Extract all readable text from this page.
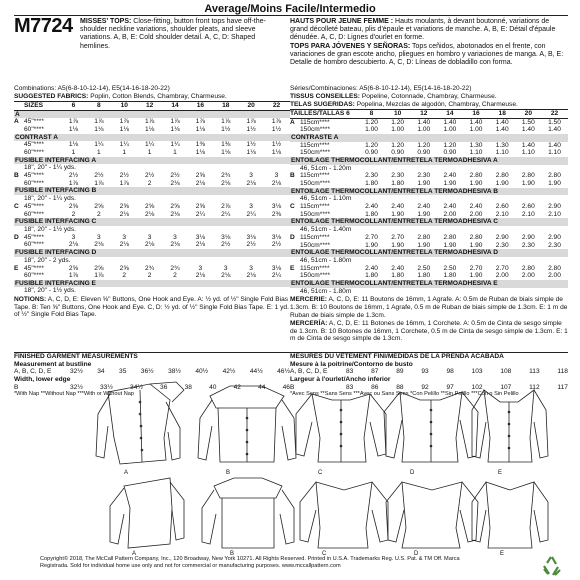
Average/Moins Facile/Intermedio
M7724 MISSES' TOPS: Close-fitting, button front tops have off-the-shoulder neckline variations, shoulder pleats, and sleeve variations. A, B, E: Cold shoulder detail. A, C, D: Shaped hemlines.
HAUTS POUR JEUNE FEMME : Hauts moulants, à devant boutonné, variations de grand décolleté bateau, plis d'épaule et variations de manche. A, B, E: Détail d'épaule dénudée. A, C, D: Lignes d'ourlet en forme.
TOPS PARA JÓVENES Y SEÑORAS: Tops ceñidos, abotonados en el frente, con variaciones de gran escote ancho, pliegues en hombro y variaciones de manga. A, B, E: Detalle de hombro descubierto. A, C, D: Líneas de dobladillo con forma.
Combinations: A5(6-8-10-12-14), E5(14-16-18-20-22)
SUGGESTED FABRICS: Poplin, Cotton Blends, Chambray, Charmeuse.
SIZES	6	8	10	12	14	16	18	20	22
A
A 45"****	1⅞	1⅞	1⅞	1⅞	1⅞	1⅞	1⅞	1⅞	1⅞
60"****	1⅛	1⅛	1⅛	1⅛	1⅛	1⅛	1½	1½	1½
CONTRAST A
45"****	1⅛	1¼	1¼	1¼	1¼	1⅜	1⅜	1½	1½
60"****	1	1	1	1	1	1⅛	1⅛	1⅛	1⅛
FUSIBLE INTERFACING A
18", 20" - 1¼ yds.
B 45"****	2½	2½	2½	2½	2½	2⅝	2¾	3	3
60"****	1⅞	1⅞	1⅞	2	2⅛	2⅛	2⅛	2⅛	2⅛
FUSIBLE INTERFACING B
18", 20" - 1¼ yds.
C 45"****	2⅝	2⅝	2⅝	2⅝	2⅝	2⅝	2⅞	3	3⅛
60"****	2	2	2⅛	2⅛	2⅛	2¼	2¼	2¼	2⅜
FUSIBLE INTERFACING C
18", 20" - 1½ yds.
D 45"****	3	3	3	3	3	3⅛	3⅛	3⅛	3⅛
60"****	2⅛	2⅛	2⅛	2⅛	2⅛	2⅛	2½	2½	2½
FUSIBLE INTERFACING D
18", 20" - 2 yds.
E 45"****	2⅝	2⅝	2⅝	2¾	2¾	3	3	3	3⅛
60"****	1⅞	1⅞	2	2	2	2⅛	2⅛	2⅛	2¼
FUSIBLE INTERFACING E
18", 20" - 1½ yds.
NOTIONS: A, C, D, E: Eleven ⅝" Buttons, One Hook and Eye. A: ½ yd. of ½" Single Fold Bias Tape. B: Ten ⅝" Buttons, One Hook and Eye. C, D: ½ yd. of ½" Single Fold Bias Tape. E: 1 yd. of ½" Single Fold Bias Tape.
Séries/Combinaciones: A5(6-8-10-12-14), E5(14-16-18-20-22)
TISSUS CONSEILLÉS: Popeline, Cotonnade, Chambray, Charmeuse.
TELAS SUGERIDAS: Popelina, Mezclas de algodón, Chambray, Charmeuse.
TAILLES/TALLAS 6	8	10	12	14	16	18	20	22
A 115cm****	1.20	1.20	1.40	1.40	1.40	1.40	1.50	1.50
150cm****	1.00	1.00	1.00	1.00	1.00	1.40	1.40	1.40
CONTRASTE A
115cm****	1.20	1.20	1.20	1.20	1.30	1.30	1.40	1.40
150cm****	0.90	0.90	0.90	0.90	1.10	1.10	1.10	1.10
ENTOILAGE THERMOCOLLANT/ENTRETELA TERMOADHESIVA A
46, 51cm - 1.20m
B 115cm****	2.30	2.30	2.30	2.40	2.80	2.80	2.80	2.80
150cm****	1.80	1.80	1.90	1.90	1.90	1.90	1.90	1.90
ENTOILAGE THERMOCOLLANT/ENTRETELA TERMOADHESIVA B
46, 51cm - 1.10m
C 115cm****	2.40	2.40	2.40	2.40	2.40	2.60	2.60	2.90
150cm****	1.80	1.90	1.90	2.00	2.00	2.10	2.10	2.10
ENTOILAGE THERMOCOLLANT/ENTRETELA TERMOADHESIVA C
46, 51cm - 1.40m
D 115cm****	2.70	2.70	2.80	2.80	2.80	2.90	2.90	2.90
150cm****	1.90	1.90	1.90	1.90	1.90	2.30	2.30	2.30
ENTOILAGE THERMOCOLLANT/ENTRETELA TERMOADHESIVA D
46, 51cm - 1.80m
E 115cm****	2.40	2.40	2.50	2.50	2.70	2.70	2.80	2.80
150cm****	1.80	1.80	1.80	1.80	1.90	2.00	2.00	2.00
ENTOILAGE THERMOCOLLANT/ENTRETELA TERMOADHESIVA E
46, 51cm - 1.80m
MERCERIE: A, C, D, E: 11 Boutons de 16mm, 1 Agrafe. A: 0.5m de Ruban de biais simple de 1.3cm. B: 10 Boutons de 16mm, 1 Agrafe, 0.5 m de Ruban de biais simple de 1.3cm. E: 1 m de Ruban de biais simple de 1.3cm.
MERCERÍA: A, C, D, E: 11 Botones de 16mm, 1 Corchete. A: 0.5m de Cinta de sesgo simple de 1.3cm. B: 10 Botones de 16mm, 1 Corchete, 0.5 m de Cinta de sesgo simple de 1.3cm. E: 1 m de Cinta de sesgo simple de 1.3cm.
FINISHED GARMENT MEASUREMENTS
Measurement at bustline
A, B, C, D, E	32½ 34 35 36½ 38½ 40½ 42½ 44½ 46½
Width, lower edge
B	32½	33½	34½	36	38	40	42	44	46
*With Nap **Without Nap ***With or Without Nap
MESURES DU VÊTEMENT FINI/MEDIDAS DE LA PRENDA ACABADA
Mesure à la poitrine/Contorno de busto
A, B, C, D, E	83	87	89	93	98	103	108	113	118
Largeur à l'ourlet/Ancho inferior
B	83	86	88	92	97	102	107	112	117
*Avec Sens **Sans Sens ***Avec ou Sans Sens *Con Pelillo **Sin Pelillo ***Con o Sin Pelillo
A	B	C	D	E
A	B	C	D	E
Copyright© 2018, The McCall Pattern Company, Inc., 120 Broadway, New York 10271. All Rights Reserved. Printed in U.S.A. Trademarks Reg. U.S. Pat. & TM Off. Marca
Registrada. Sold for individual home use only and not for commercial or manufacturing purposes. www.mccallpattern.com
